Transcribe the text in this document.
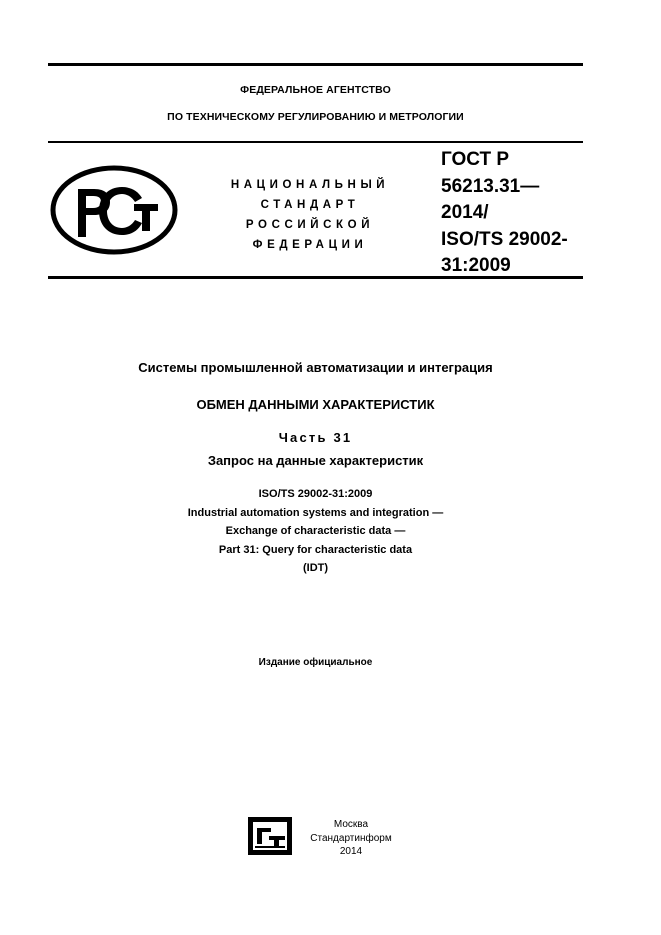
ФЕДЕРАЛЬНОЕ АГЕНТСТВО
ПО ТЕХНИЧЕСКОМУ РЕГУЛИРОВАНИЮ И МЕТРОЛОГИИ
НАЦИОНАЛЬНЫЙ
СТАНДАРТ
РОССИЙСКОЙ
ФЕДЕРАЦИИ
ГОСТ Р
56213.31—
2014/
ISO/TS 29002-
31:2009
Системы промышленной автоматизации и интеграция
ОБМЕН ДАННЫМИ ХАРАКТЕРИСТИК
Часть 31
Запрос на данные характеристик
ISO/TS 29002-31:2009
Industrial automation systems and integration —
Exchange of characteristic data —
Part 31: Query for characteristic data
(IDT)
Издание официальное
Москва
Стандартинформ
2014
